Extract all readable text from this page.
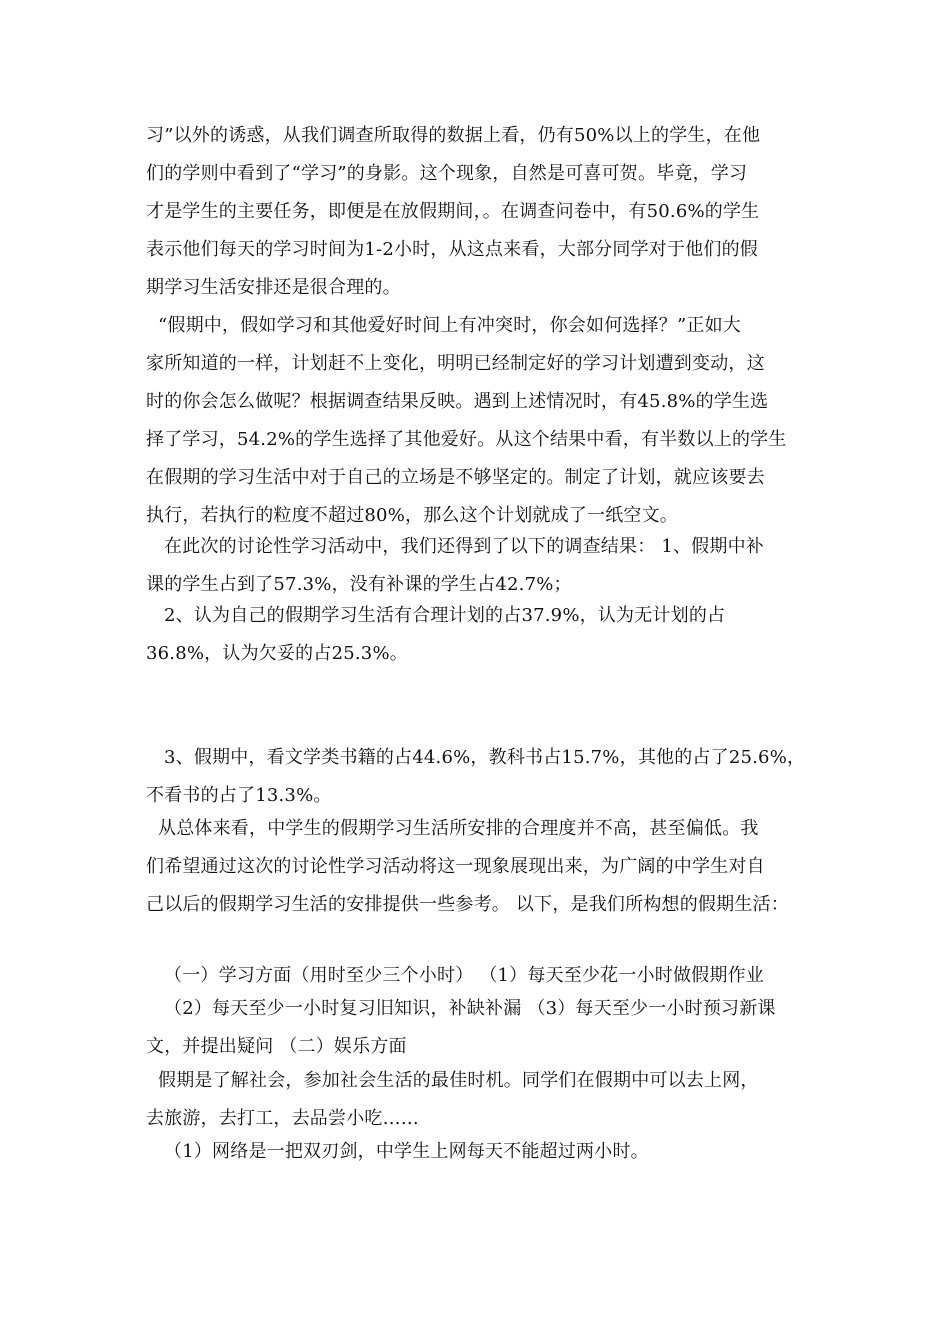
习”以外的诱惑，从我们调查所取得的数据上看，仍有50%以上的学生，在他
们的学则中看到了“学习”的身影。这个现象，自然是可喜可贺。毕竟，学习
才是学生的主要任务，即便是在放假期间，。在调查问卷中，有50.6%的学生
表示他们每天的学习时间为1-2小时，从这点来看，大部分同学对于他们的假
期学习生活安排还是很合理的。
“假期中，假如学习和其他爱好时间上有冲突时，你会如何选择？”正如大
家所知道的一样，计划赶不上变化，明明已经制定好的学习计划遭到变动，这
时的你会怎么做呢？根据调查结果反映。遇到上述情况时，有45.8%的学生选
择了学习，54.2%的学生选择了其他爱好。从这个结果中看，有半数以上的学生
在假期的学习生活中对于自己的立场是不够坚定的。制定了计划，就应该要去
执行，若执行的粒度不超过80%，那么这个计划就成了一纸空文。
在此次的讨论性学习活动中，我们还得到了以下的调查结果： 1、假期中补
课的学生占到了57.3%，没有补课的学生占42.7%；
2、认为自己的假期学习生活有合理计划的占37.9%，认为无计划的占
36.8%，认为欠妥的占25.3%。
3、假期中，看文学类书籍的占44.6%，教科书占15.7%，其他的占了25.6%，
不看书的占了13.3%。
从总体来看，中学生的假期学习生活所安排的合理度并不高，甚至偏低。我
们希望通过这次的讨论性学习活动将这一现象展现出来，为广阔的中学生对自
己以后的假期学习生活的安排提供一些参考。 以下，是我们所构想的假期生活：
（一）学习方面（用时至少三个小时） （1）每天至少花一小时做假期作业
（2）每天至少一小时复习旧知识，补缺补漏 （3）每天至少一小时预习新课
文，并提出疑问 （二）娱乐方面
假期是了解社会，参加社会生活的最佳时机。同学们在假期中可以去上网，
去旅游，去打工，去品尝小吃……
（1）网络是一把双刃剑，中学生上网每天不能超过两小时。
